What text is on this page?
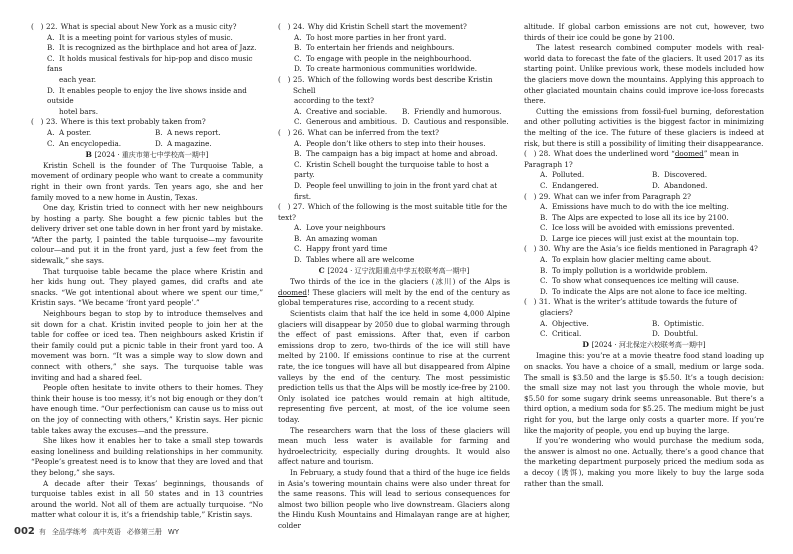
( ) 22. What is special about New York as a music city?
A. It is a meeting point for various styles of music.
B. It is recognized as the birthplace and hot area of Jazz.
C. It holds musical festivals for hip-pop and disco music fans
each year.
D. It enables people to enjoy the live shows inside and outside
hotel bars.
( ) 23. Where is this text probably taken from?
A. A poster.	B. A news report.
C. An encyclopedia.	D. A magazine.
B [2024 · 重庆市第七中学校高一期中]
Kristin Schell is the founder of The Turquoise Table, a movement of ordinary people who want to create a community right in their own front yards. Ten years ago, she and her family moved to a new home in Austin, Texas.
One day, Kristin tried to connect with her new neighbours by hosting a party. She bought a few picnic tables but the delivery driver set one table down in her front yard by mistake. “After the party, I painted the table turquoise—my favourite colour—and put it in the front yard, just a few feet from the sidewalk,” she says.
That turquoise table became the place where Kristin and her kids hung out. They played games, did crafts and ate snacks. “We got intentional about where we spent our time,” Kristin says. “We became ‘front yard people’.”
Neighbours began to stop by to introduce themselves and sit down for a chat. Kristin invited people to join her at the table for coffee or iced tea. Then neighbours asked Kristin if their family could put a picnic table in their front yard too. A movement was born. “It was a simple way to slow down and connect with others,” she says. The turquoise table was inviting and had a shared feel.
People often hesitate to invite others to their homes. They think their house is too messy, it’s not big enough or they don’t have enough time. “Our perfectionism can cause us to miss out on the joy of connecting with others,” Kristin says. Her picnic table takes away the excuses—and the pressure.
She likes how it enables her to take a small step towards easing loneliness and building relationships in her community. “People’s greatest need is to know that they are loved and that they belong,” she says.
A decade after their Texas’ beginnings, thousands of turquoise tables exist in all 50 states and in 13 countries around the world. Not all of them are actually turquoise. “No matter what colour it is, it’s a friendship table,” Kristin says.
( ) 24. Why did Kristin Schell start the movement?
A. To host more parties in her front yard.
B. To entertain her friends and neighbours.
C. To engage with people in the neighbourhood.
D. To create harmonious communities worldwide.
( ) 25. Which of the following words best describe Kristin Schell
according to the text?
A. Creative and sociable.	B. Friendly and humorous.
C. Generous and ambitious. D. Cautious and responsible.
( ) 26. What can be inferred from the text?
A. People don’t like others to step into their houses.
B. The campaign has a big impact at home and abroad.
C. Kristin Schell bought the turquoise table to host a party.
D. People feel unwilling to join in the front yard chat at first.
( ) 27. Which of the following is the most suitable title for the
text?
A. Love your neighbours
B. An amazing woman
C. Happy front yard time
D. Tables where all are welcome
C [2024 · 辽宁沈阳重点中学五校联考高一期中]
Two thirds of the ice in the glaciers (冰川) of the Alps is doomed! These glaciers will melt by the end of the century as global temperatures rise, according to a recent study.
Scientists claim that half the ice held in some 4,000 Alpine glaciers will disappear by 2050 due to global warming through the effect of past emissions. After that, even if carbon emissions drop to zero, two-thirds of the ice will still have melted by 2100. If emissions continue to rise at the current rate, the ice tongues will have all but disappeared from Alpine valleys by the end of the century. The most pessimistic prediction tells us that the Alps will be mostly ice-free by 2100. Only isolated ice patches would remain at high altitude, representing five percent, at most, of the ice volume seen today.
The researchers warn that the loss of these glaciers will mean much less water is available for farming and hydroelectricity, especially during droughts. It would also affect nature and tourism.
In February, a study found that a third of the huge ice fields in Asia’s towering mountain chains were also under threat for the same reasons. This will lead to serious consequences for almost two billion people who live downstream. Glaciers along the Hindu Kush Mountains and Himalayan range are at higher, colder
altitude. If global carbon emissions are not cut, however, two thirds of their ice could be gone by 2100.
The latest research combined computer models with real-world data to forecast the fate of the glaciers. It used 2017 as its starting point. Unlike previous work, these models included how the glaciers move down the mountains. Applying this approach to other glaciated mountain chains could improve ice-loss forecasts there.
Cutting the emissions from fossil-fuel burning, deforestation and other polluting activities is the biggest factor in minimizing the melting of the ice. The future of these glaciers is indeed at risk, but there is still a possibility of limiting their disappearance.
( ) 28. What does the underlined word “doomed” mean in
Paragraph 1?
A. Polluted.	B. Discovered.
C. Endangered.	D. Abandoned.
( ) 29. What can we infer from Paragraph 2?
A. Emissions have much to do with the ice melting.
B. The Alps are expected to lose all its ice by 2100.
C. Ice loss will be avoided with emissions prevented.
D. Large ice pieces will just exist at the mountain top.
( ) 30. Why are the Asia’s ice fields mentioned in Paragraph 4?
A. To explain how glacier melting came about.
B. To imply pollution is a worldwide problem.
C. To show what consequences ice melting will cause.
D. To indicate the Alps are not alone to face ice melting.
( ) 31. What is the writer’s attitude towards the future of
glaciers?
A. Objective.	B. Optimistic.
C. Critical.	D. Doubtful.
D [2024 · 河北保定六校联考高一期中]
Imagine this: you’re at a movie theatre food stand loading up on snacks. You have a choice of a small, medium or large soda. The small is $3.50 and the large is $5.50. It’s a tough decision: the small size may not last you through the whole movie, but $5.50 for some sugary drink seems unreasonable. But there’s a third option, a medium soda for $5.25. The medium might be just right for you, but the large only costs a quarter more. If you’re like the majority of people, you end up buying the large.
If you’re wondering who would purchase the medium soda, the answer is almost no one. Actually, there’s a good chance that the marketing department purposely priced the medium soda as a decoy (诱饵), making you more likely to buy the large soda rather than the small.
002 有 全品学练考 高中英语 必修第三册 WY
